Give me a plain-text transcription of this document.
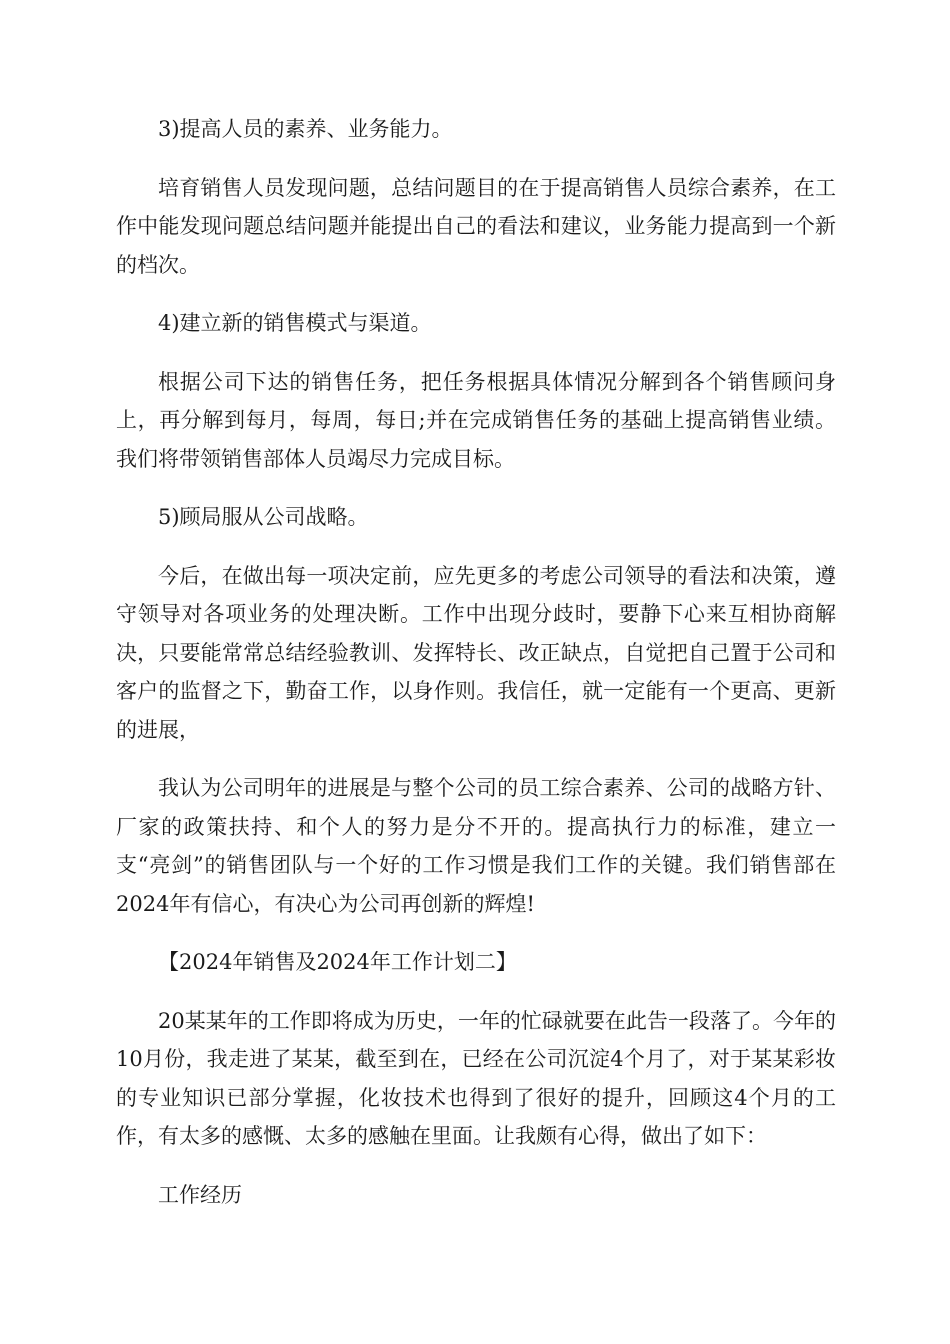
3)提高人员的素养、业务能力。

培育销售人员发现问题，总结问题目的在于提高销售人员综合素养，在工作中能发现问题总结问题并能提出自己的看法和建议，业务能力提高到一个新的档次。

4)建立新的销售模式与渠道。

根据公司下达的销售任务，把任务根据具体情况分解到各个销售顾问身上，再分解到每月，每周，每日;并在完成销售任务的基础上提高销售业绩。我们将带领销售部体人员竭尽力完成目标。

5)顾局服从公司战略。

今后，在做出每一项决定前，应先更多的考虑公司领导的看法和决策，遵守领导对各项业务的处理决断。工作中出现分歧时，要静下心来互相协商解决，只要能常常总结经验教训、发挥特长、改正缺点，自觉把自己置于公司和客户的监督之下，勤奋工作，以身作则。我信任，就一定能有一个更高、更新的进展，

我认为公司明年的进展是与整个公司的员工综合素养、公司的战略方针、厂家的政策扶持、和个人的努力是分不开的。提高执行力的标准，建立一支“亮剑”的销售团队与一个好的工作习惯是我们工作的关键。我们销售部在2024年有信心，有决心为公司再创新的辉煌!

【2024年销售及2024年工作计划二】

20某某年的工作即将成为历史，一年的忙碌就要在此告一段落了。今年的10月份，我走进了某某，截至到在，已经在公司沉淀4个月了，对于某某彩妆的专业知识已部分掌握，化妆技术也得到了很好的提升，回顾这4个月的工作，有太多的感慨、太多的感触在里面。让我颇有心得，做出了如下：

工作经历
